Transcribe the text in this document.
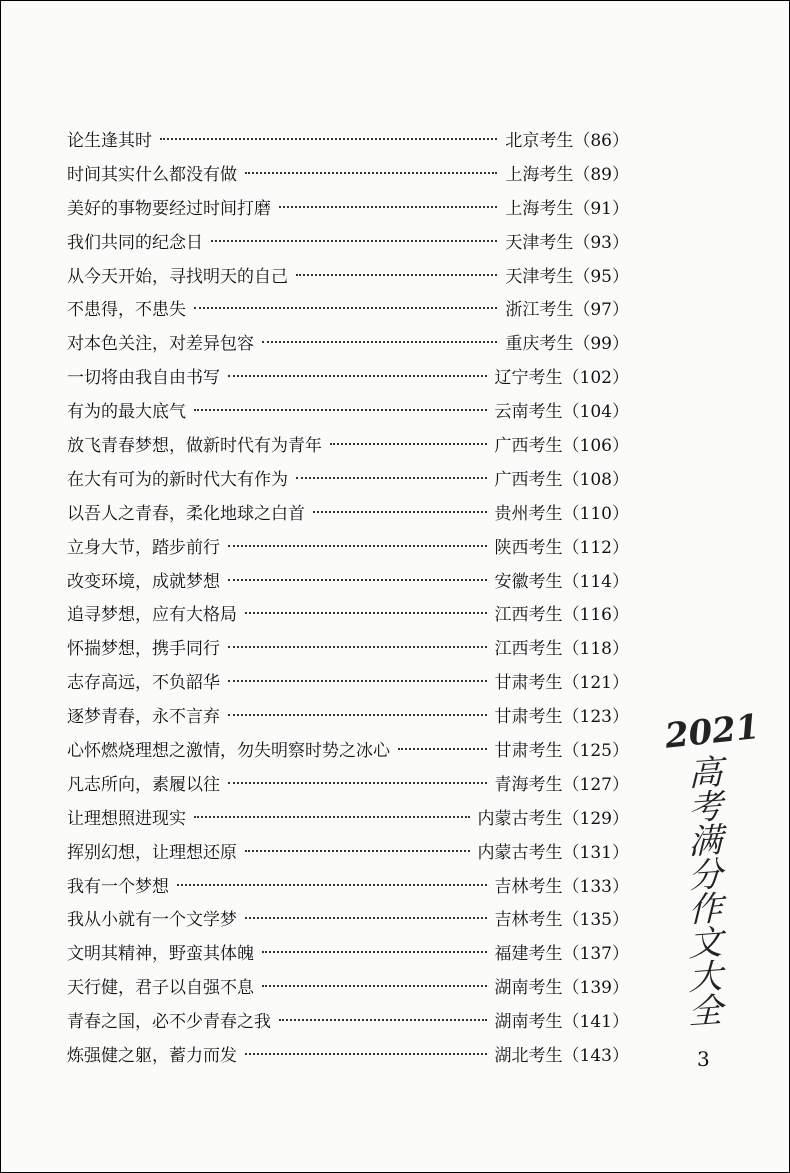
论生逢其时	北京考生 （86）
时间其实什么都没有做	上海考生 （89）
美好的事物要经过时间打磨	上海考生 （91）
我们共同的纪念日	天津考生 （93）
从今天开始，寻找明天的自己	天津考生 （95）
不患得，不患失	浙江考生 （97）
对本色关注，对差异包容	重庆考生 （99）
一切将由我自由书写	辽宁考生 （102）
有为的最大底气	云南考生 （104）
放飞青春梦想，做新时代有为青年	广西考生 （106）
在大有可为的新时代大有作为	广西考生 （108）
以吾人之青春，柔化地球之白首	贵州考生 （110）
立身大节，踏步前行	陕西考生 （112）
改变环境，成就梦想	安徽考生 （114）
追寻梦想，应有大格局	江西考生 （116）
怀揣梦想，携手同行	江西考生 （118）
志存高远，不负韶华	甘肃考生 （121）
逐梦青春，永不言弃	甘肃考生 （123）
心怀燃烧理想之激情，勿失明察时势之冰心	甘肃考生 （125）
凡志所向，素履以往	青海考生 （127）
让理想照进现实	内蒙古考生 （129）
挥别幻想，让理想还原	内蒙古考生 （131）
我有一个梦想	吉林考生 （133）
我从小就有一个文学梦	吉林考生 （135）
文明其精神，野蛮其体魄	福建考生 （137）
天行健，君子以自强不息	湖南考生 （139）
青春之国，必不少青春之我	湖南考生 （141）
炼强健之躯，蓄力而发	湖北考生 （143）
2021
高考满分作文大全
3
